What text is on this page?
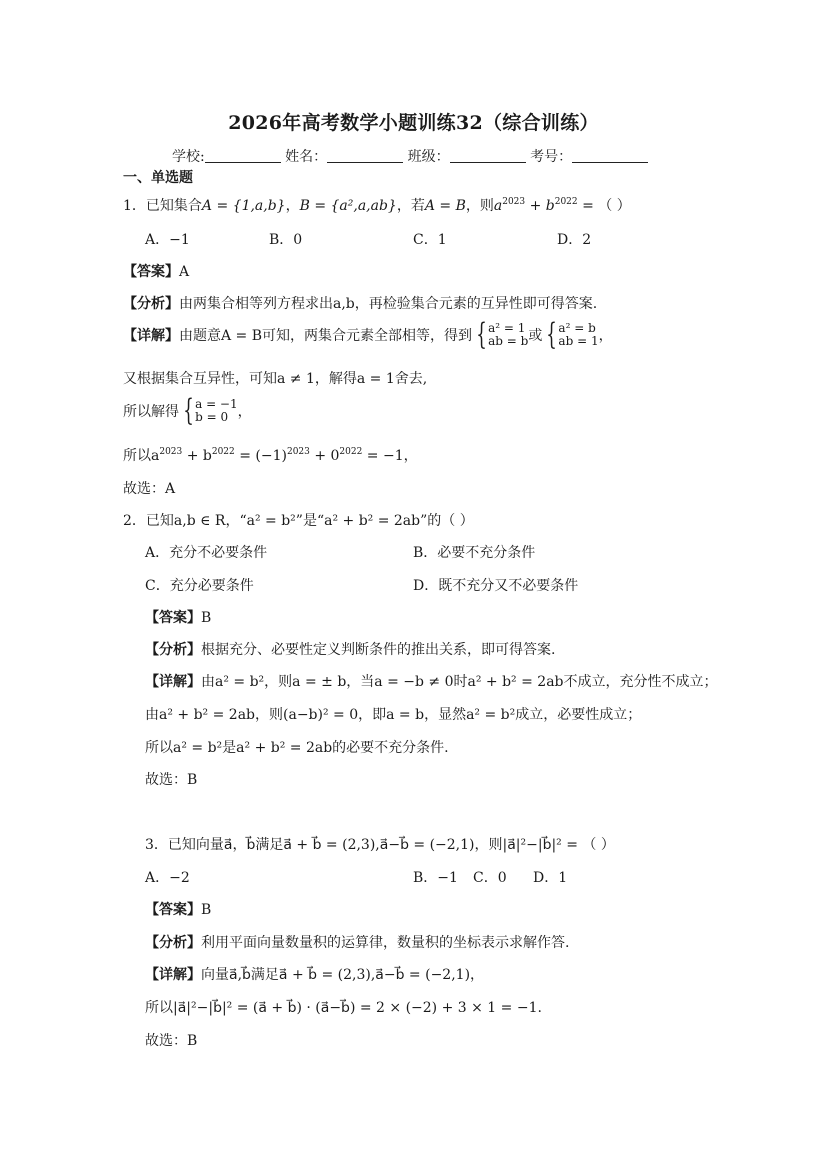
2026年高考数学小题训练32（综合训练）
学校:	姓名：	班级：	考号：
一、单选题
1．已知集合A = {1,a,b}，B = {a²,a,ab}，若A = B，则$a^{2023} + b^{2022}$ = （ ）
A．−1	B．0	C．1	D．2
【答案】A
【分析】由两集合相等列方程求出a,b，再检验集合元素的互异性即可得答案.
【详解】由题意A = B可知，两集合元素全部相等，得到 {a² = 1
ab = b或 {a² = b
ab = 1，
又根据集合互异性，可知a ≠ 1，解得a = 1舍去,
所以解得 {a = −1
b = 0 ，
所以$a^{2023} + b^{2022} = (-1)^{2023} + 0^{2022} = -1$，
故选：A
2．已知a,b ∈ R，“a² = b²”是“a² + b² = 2ab”的（ ）
A．充分不必要条件	B．必要不充分条件
C．充分必要条件	D．既不充分又不必要条件
【答案】B
【分析】根据充分、必要性定义判断条件的推出关系，即可得答案.
【详解】由a² = b²，则a = ± b，当a = −b ≠ 0时a² + b² = 2ab不成立，充分性不成立；
由a² + b² = 2ab，则(a−b)² = 0，即a = b，显然a² = b²成立，必要性成立；
所以a² = b²是a² + b² = 2ab的必要不充分条件.
故选：B
3．已知向量a⃗，b⃗满足a⃗ + b⃗ = (2,3),a⃗−b⃗ = (−2,1)，则|a⃗|²−|b⃗|² = （ ）
A．−2	B．−1 C．0 D．1
【答案】B
【分析】利用平面向量数量积的运算律，数量积的坐标表示求解作答.
【详解】向量a⃗,b⃗满足a⃗ + b⃗ = (2,3),a⃗−b⃗ = (−2,1)，
所以|a⃗|²−|b⃗|² = (a⃗ + b⃗) · (a⃗−b⃗) = 2 × (−2) + 3 × 1 = −1.
故选：B
